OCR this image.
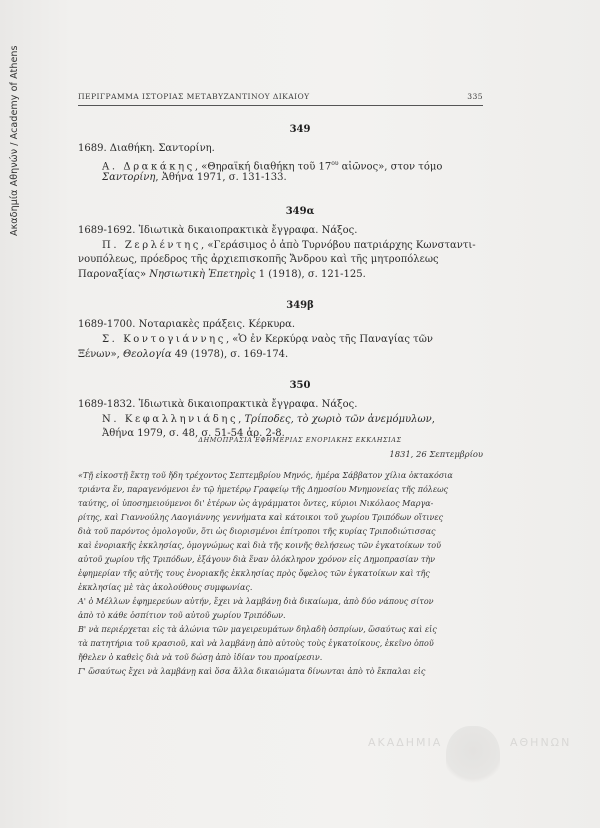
Ακαδημία Αθηνών / Academy of Athens	ΠΕΡΙΓΡΑΜΜΑ ΙΣΤΟΡΙΑΣ ΜΕΤΑΒΥΖΑΝΤΙΝΟΥ ΔΙΚΑΙΟΥ	335
349
1689. Διαθήκη. Σαντορίνη.
Α. Δρακάκης, «Θηραϊκή διαθήκη τοῦ $17^{o\upsilon}$ αἰῶνος», στον τόμο
Σαντορίνη, Ἀθήνα 1971, σ. 131-133.
349α
1689-1692. Ἰδιωτικὰ δικαιοπρακτικὰ ἔγγραφα. Νάξος.
Π. Ζερλέντης, «Γεράσιμος ὁ ἀπὸ Τυρνόβου πατριάρχης Κωνσταντι-
νουπόλεως, πρόεδρος τῆς ἀρχιεπισκοπῆς Ἄνδρου καὶ τῆς μητροπόλεως
Παροναξίας» Νησιωτικὴ Ἐπετηρὶς 1 (1918), σ. 121-125.
349β
1689-1700. Νοταριακὲς πράξεις. Κέρκυρα.
Σ. Κοντογιάννης, «Ὁ ἐν Κερκύρᾳ ναὸς τῆς Παναγίας τῶν
Ξένων», Θεολογία 49 (1978), σ. 169-174.
350
1689-1832. Ἰδιωτικὰ δικαιοπρακτικὰ ἔγγραφα. Νάξος.
Ν. Κεφαλληνιάδης, Τρίποδες, τὸ χωριὸ τῶν ἀνεμόμυλων,
Ἀθήνα 1979, σ. 48, σ. 51-54 ἀρ. 2-8.
ΔΗΜΟΠΡΑΣΙΑ ΕΦΗΜΕΡΙΑΣ ΕΝΟΡΙΑΚΗΣ ΕΚΚΛΗΣΙΑΣ
1831, 26 Σεπτεμβρίου
«Τῇ εἰκοστῇ ἕκτῃ τοῦ ἤδη τρέχοντος Σεπτεμβρίου Μηνός, ἡμέρα Σάββατον χίλια ὀκτακόσια
τριάντα ἕν, παραγενόμενοι ἐν τῷ ἡμετέρῳ Γραφείῳ τῆς Δημοσίου Μνημονείας τῆς πόλεως
ταύτης, οἱ ὑποσημειούμενοι δι' ἑτέρων ὡς ἀγράμματοι ὄντες, κύριοι Νικόλαος Μαργα-
ρίτης, καὶ Γιαννούλης Λαογιάννης γεννήματα καὶ κάτοικοι τοῦ χωρίου Τριπόδων οἵτινες
διὰ τοῦ παρόντος ὁμολογοῦν, ὅτι ὡς διορισμένοι ἐπίτροποι τῆς κυρίας Τριποδιώτισσας
καὶ ἐνοριακῆς ἐκκλησίας, ὁμογνώμως καὶ διὰ τῆς κοινῆς θελήσεως τῶν ἐγκατοίκων τοῦ
αὐτοῦ χωρίου τῆς Τριπόδων, ἐξάγουν διὰ ἕναν ὁλόκληρον χρόνον εἰς Δημοπρασίαν τὴν
ἐφημερίαν τῆς αὐτῆς τους ἐνοριακῆς ἐκκλησίας πρὸς ὄφελος τῶν ἐγκατοίκων καὶ τῆς
ἐκκλησίας μὲ τὰς ἀκολούθους συμφωνίας.
Α' ὁ Μέλλων ἐφημερεύων αὐτήν, ἔχει νὰ λαμβάνῃ διὰ δικαίωμα, ἀπὸ δύο νάπους σίτον
ἀπὸ τὸ κάθε ὁσπίτιον τοῦ αὐτοῦ χωρίου Τριπόδων.
Β' νὰ περιέρχεται εἰς τὰ ἀλώνια τῶν μαγειρευμάτων δηλαδὴ ὀσπρίων, ὥσαύτως καὶ εἰς
τὰ πατητήρια τοῦ κρασιοῦ, καὶ νὰ λαμβάνῃ ἀπὸ αὐτοὺς τοὺς ἐγκατοίκους, ἐκεῖνο ὁποῦ
ἤθελεν ὁ καθεὶς διὰ νὰ τοῦ δώσῃ ἀπὸ ἰδίαν του προαίρεσιν.
Γ' ὥσαύτως ἔχει νὰ λαμβάνῃ καὶ ὅσα ἄλλα δικαιώματα δίνωνται ἀπὸ τὸ ἔκπαλαι εἰς
ΑΚΑΔΗΜΙΑ	ΑΘΗΝΩΝ
